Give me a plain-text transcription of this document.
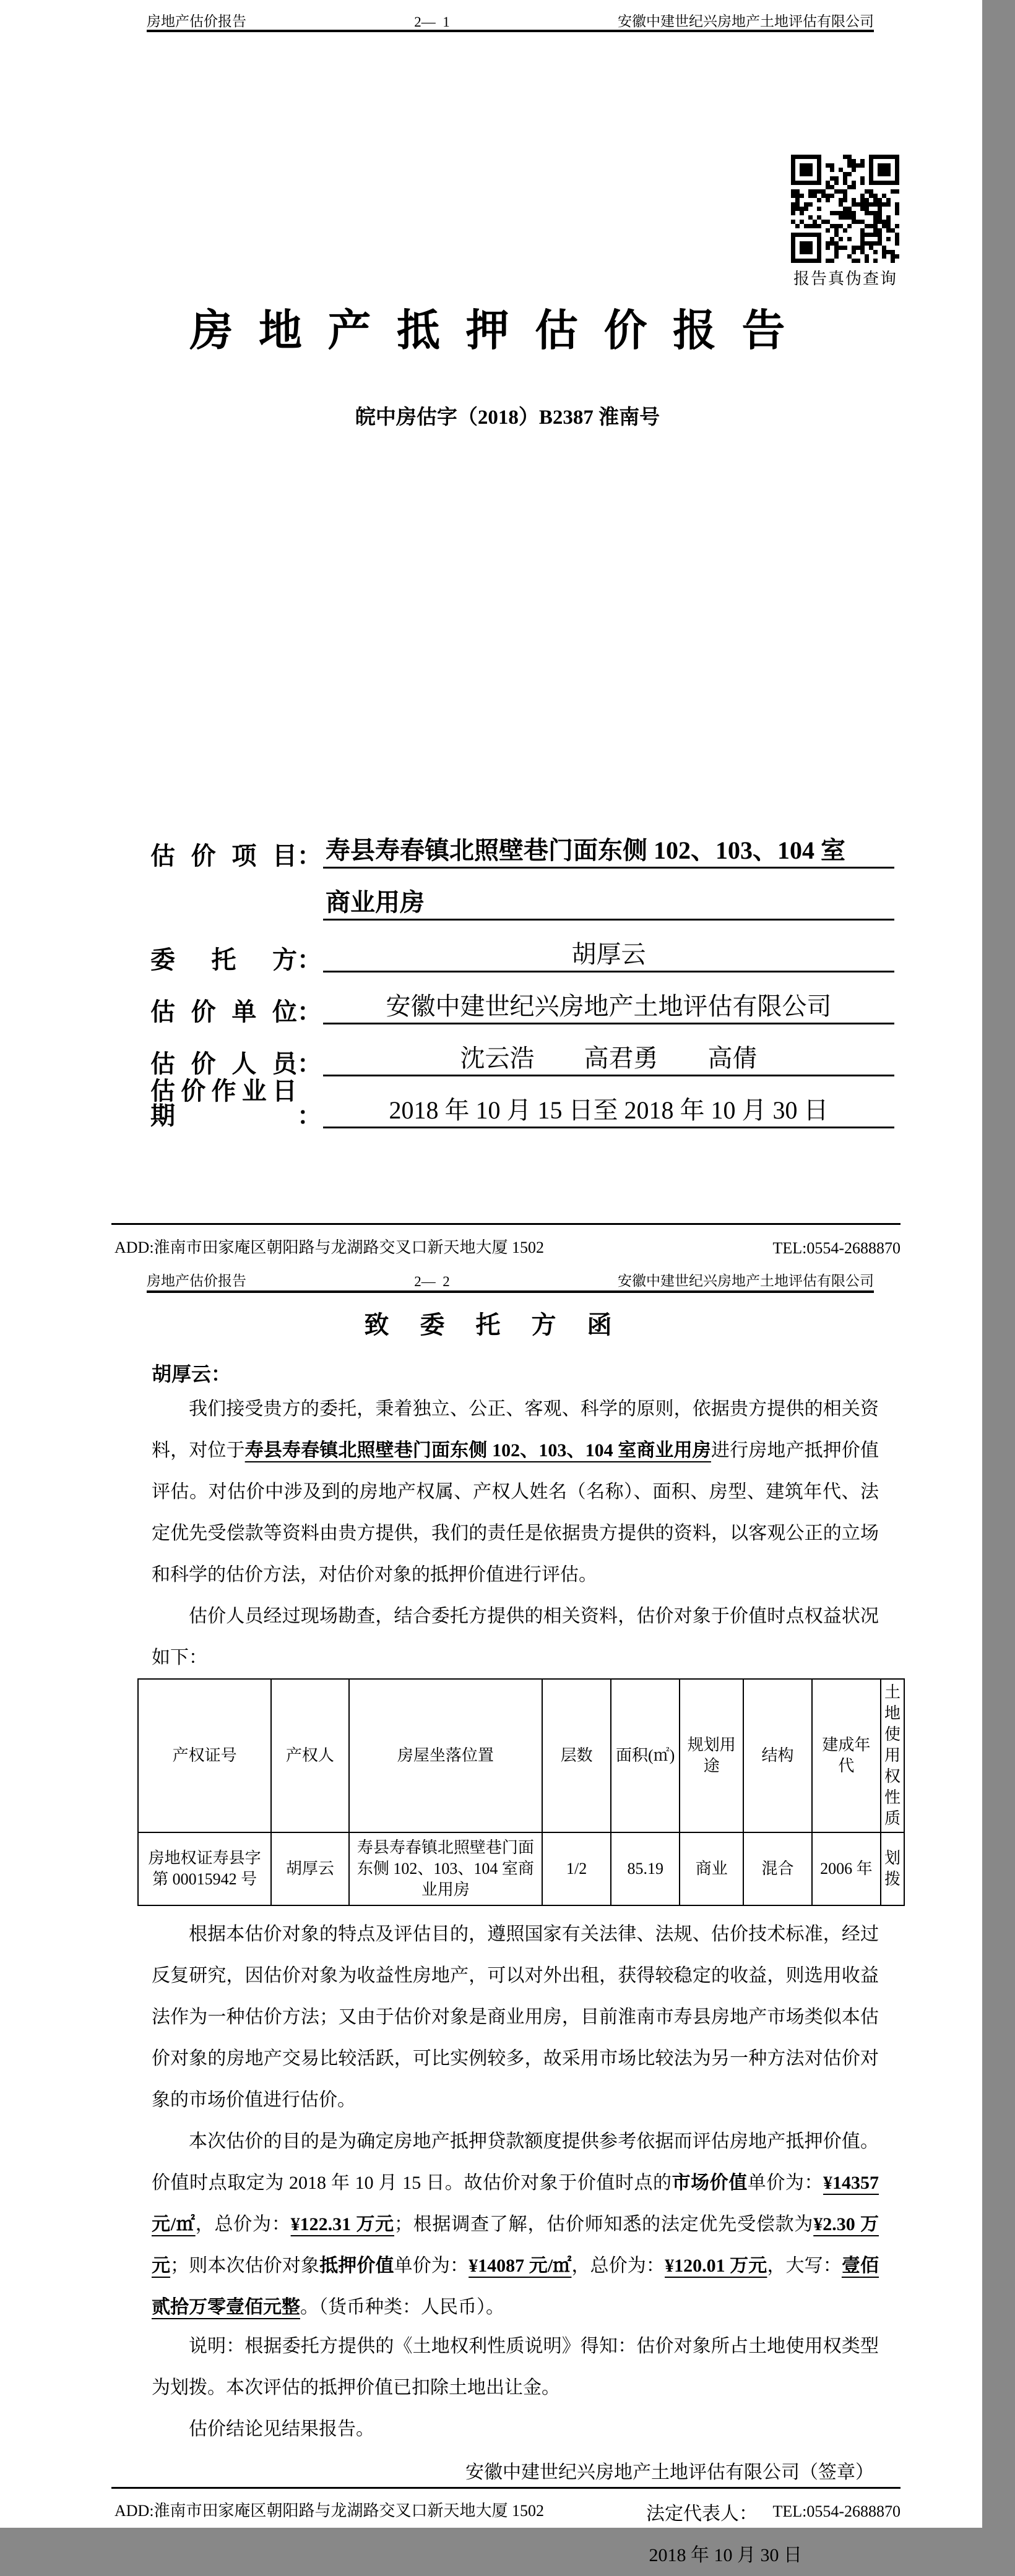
房地产估价报告	2—  1	安徽中建世纪兴房地产土地评估有限公司
报告真伪查询
房 地 产 抵 押 估 价 报 告
皖中房估字（2018）B2387 淮南号
估价项目 ： 寿县寿春镇北照壁巷门面东侧 102、103、104 室
商业用房
委托方 ：	胡厚云
估价单位 ：	安徽中建世纪兴房地产土地评估有限公司
估价人员 ：	沈云浩　　高君勇　　高倩
估价作业日期	：	2018 年 10 月 15 日至 2018 年 10 月 30 日
ADD:淮南市田家庵区朝阳路与龙湖路交叉口新天地大厦 1502	TEL:0554-2688870
房地产估价报告	2—  2	安徽中建世纪兴房地产土地评估有限公司
致  委  托  方  函
胡厚云：

我们接受贵方的委托，秉着独立、公正、客观、科学的原则，依据贵方提供的相关资料，对位于寿县寿春镇北照壁巷门面东侧 102、103、104 室商业用房进行房地产抵押价值评估。对估价中涉及到的房地产权属、产权人姓名（名称）、面积、房型、建筑年代、法定优先受偿款等资料由贵方提供，我们的责任是依据贵方提供的资料，以客观公正的立场和科学的估价方法，对估价对象的抵押价值进行评估。

估价人员经过现场勘查，结合委托方提供的相关资料，估价对象于价值时点权益状况如下：

产权证号	产权人	房屋坐落位置	层数	面积(㎡)	规划用途	结构	建成年代	土地使用权性质
房地权证寿县字第 00015942 号	胡厚云	寿县寿春镇北照壁巷门面东侧 102、103、104 室商业用房	1/2	85.19	商业	混合	2006 年	划拨

根据本估价对象的特点及评估目的，遵照国家有关法律、法规、估价技术标准，经过反复研究，因估价对象为收益性房地产，可以对外出租，获得较稳定的收益，则选用收益法作为一种估价方法；又由于估价对象是商业用房，目前淮南市寿县房地产市场类似本估价对象的房地产交易比较活跃，可比实例较多，故采用市场比较法为另一种方法对估价对象的市场价值进行估价。

本次估价的目的是为确定房地产抵押贷款额度提供参考依据而评估房地产抵押价值。价值时点取定为 2018 年 10 月 15 日。故估价对象于价值时点的市场价值单价为：¥14357 元/㎡，总价为：¥122.31 万元；根据调查了解，估价师知悉的法定优先受偿款为¥2.30 万元；则本次估价对象抵押价值单价为：¥14087 元/㎡，总价为：¥120.01 万元，大写：壹佰贰拾万零壹佰元整。（货币种类：人民币）。

说明：根据委托方提供的《土地权利性质说明》得知：估价对象所占土地使用权类型为划拨。本次评估的抵押价值已扣除土地出让金。

估价结论见结果报告。

安徽中建世纪兴房地产土地评估有限公司（签章）

法定代表人：

2018 年 10 月 30 日

ADD:淮南市田家庵区朝阳路与龙湖路交叉口新天地大厦 1502	TEL:0554-2688870
